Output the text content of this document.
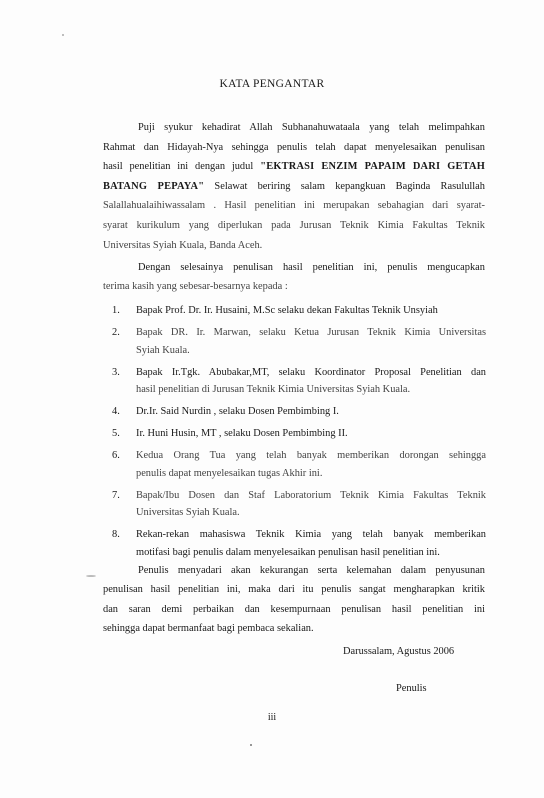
KATA PENGANTAR
Puji syukur kehadirat Allah Subhanahuwataala yang telah melimpahkan
Rahmat dan Hidayah-Nya sehingga penulis telah dapat menyelesaikan penulisan
hasil penelitian ini dengan judul "EKTRASI ENZIM PAPAIM DARI GETAH
BATANG PEPAYA" Selawat beriring salam kepangkuan Baginda Rasulullah
Salallahualaihiwassalam . Hasil penelitian ini merupakan sebahagian dari syarat-
syarat kurikulum yang diperlukan pada Jurusan Teknik Kimia Fakultas Teknik
Universitas Syiah Kuala, Banda Aceh.
Dengan selesainya penulisan hasil penelitian ini, penulis mengucapkan
terima kasih yang sebesar-besarnya kepada :
1. Bapak Prof. Dr. Ir. Husaini, M.Sc selaku dekan Fakultas Teknik Unsyiah
2. Bapak DR. Ir. Marwan, selaku Ketua Jurusan Teknik Kimia Universitas
Syiah Kuala.
3. Bapak Ir.Tgk. Abubakar,MT, selaku Koordinator Proposal Penelitian dan
hasil penelitian di Jurusan Teknik Kimia Universitas Syiah Kuala.
4. Dr.Ir. Said Nurdin , selaku Dosen Pembimbing I.
5. Ir. Huni Husin, MT , selaku Dosen Pembimbing II.
6. Kedua Orang Tua yang telah banyak memberikan dorongan sehingga
penulis dapat menyelesaikan tugas Akhir ini.
7. Bapak/Ibu Dosen dan Staf Laboratorium Teknik Kimia Fakultas Teknik
Universitas Syiah Kuala.
8. Rekan-rekan mahasiswa Teknik Kimia yang telah banyak memberikan
motifasi bagi penulis dalam menyelesaikan penulisan hasil penelitian ini.
Penulis menyadari akan kekurangan serta kelemahan dalam penyusunan
penulisan hasil penelitian ini, maka dari itu penulis sangat mengharapkan kritik
dan saran demi perbaikan dan kesempurnaan penulisan hasil penelitian ini
sehingga dapat bermanfaat bagi pembaca sekalian.
Darussalam, Agustus 2006
Penulis
iii
